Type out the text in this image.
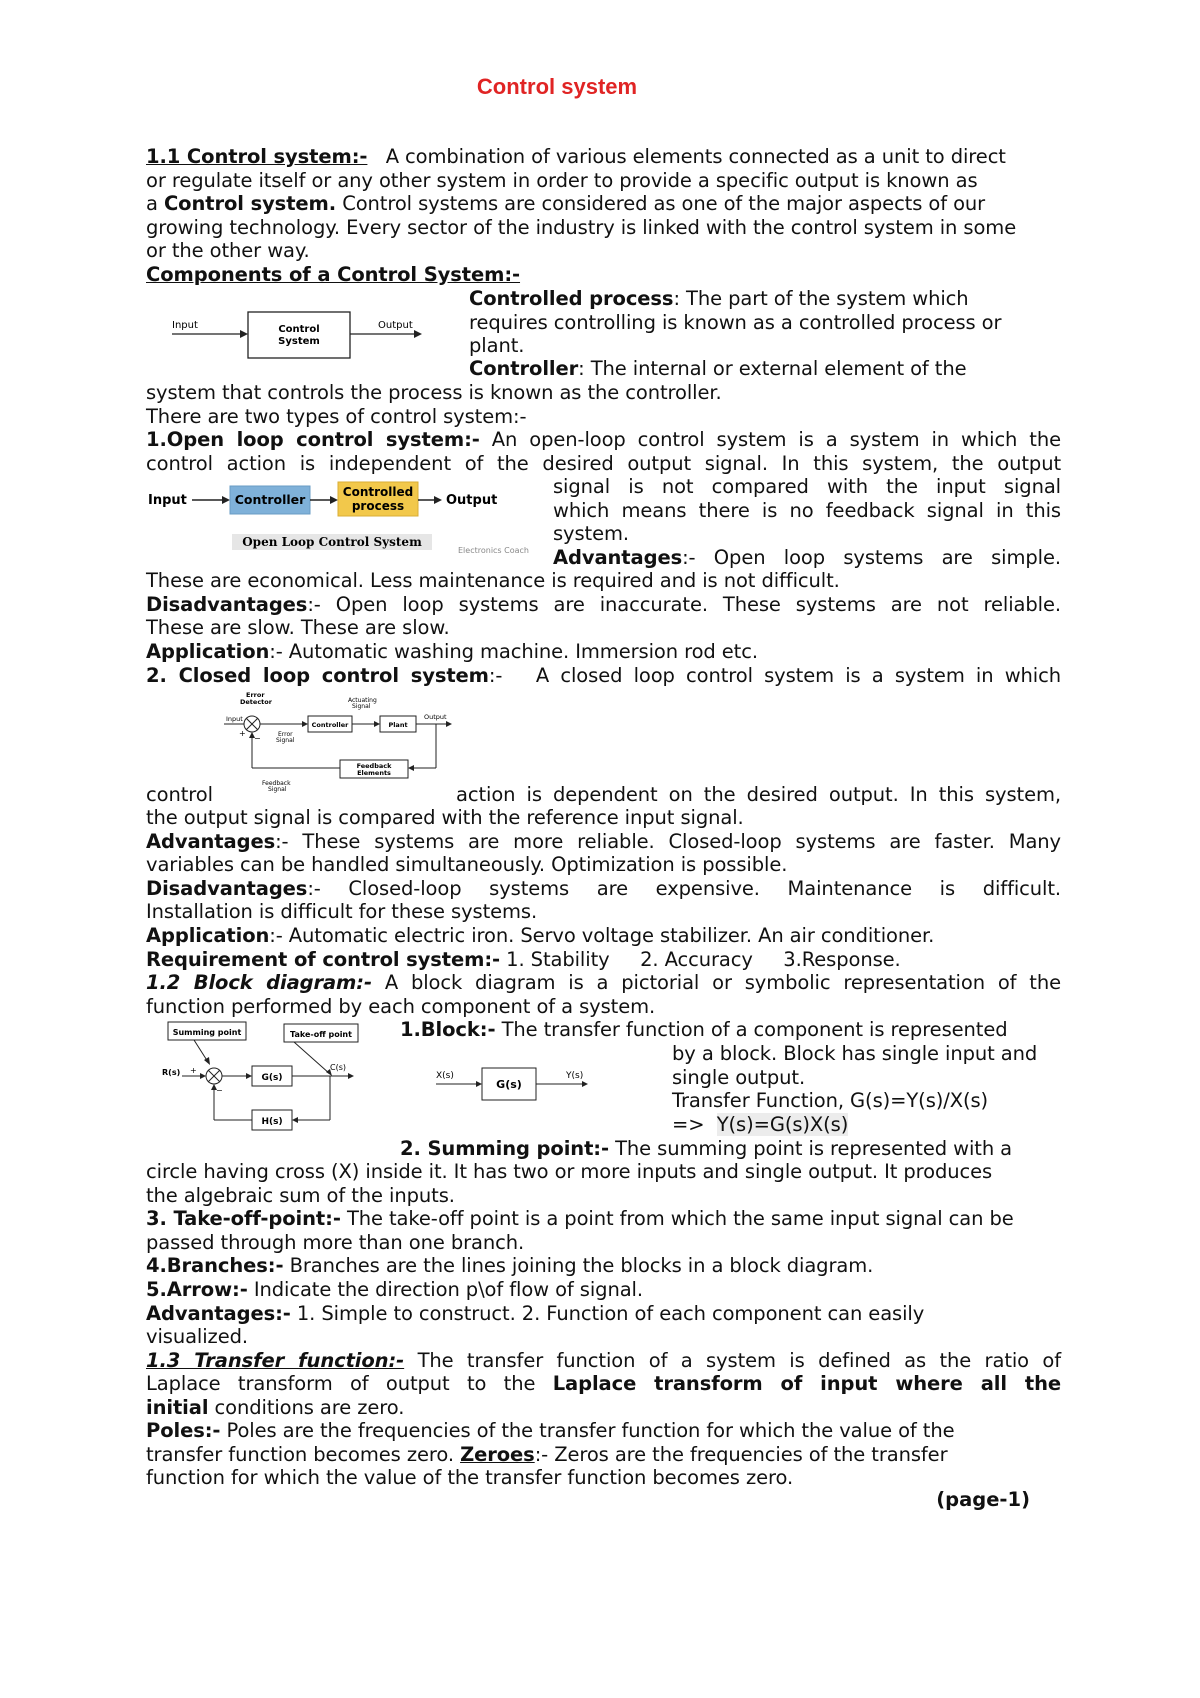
Control system
1.1 Control system:- A combination of various elements connected as a unit to direct
or regulate itself or any other system in order to provide a specific output is known as
a Control system. Control systems are considered as one of the major aspects of our
growing technology. Every sector of the industry is linked with the control system in some
or the other way.
Components of a Control System:-
Input	Output
Control
System
Controlled process: The part of the system which
requires controlling is known as a controlled process or
plant.
Controller: The internal or external element of the
system that controls the process is known as the controller.
There are two types of control system:-
1.Open loop control system:- An open-loop control system is a system in which the
control action is independent of the desired output signal. In this system, the output
signal is not compared with the input signal
which means there is no feedback signal in this
system.
Advantages:- Open loop systems are simple.
These are economical. Less maintenance is required and is not difficult.
Disadvantages:- Open loop systems are inaccurate. These systems are not reliable.
These are slow. These are slow.
Application:- Automatic washing machine. Immersion rod etc.
Input	Controller	Controlled
process	Output
Open Loop Control System
Electronics Coach
2. Closed loop control system:- A closed loop control system is a system in which
Error
Detector
Input
+
−	Error
Signal
Controller
Actuating
Signal
Plant
Output
Feedback
Elements
Feedback
Signal
control	action is dependent on the desired output. In this system,
the output signal is compared with the reference input signal.
Advantages:- These systems are more reliable. Closed-loop systems are faster. Many
variables can be handled simultaneously. Optimization is possible.
Disadvantages:- Closed-loop systems are expensive. Maintenance is difficult.
Installation is difficult for these systems.
Application:- Automatic electric iron. Servo voltage stabilizer. An air conditioner.
Requirement of control system:- 1. Stability 2. Accuracy 3.Response.
1.2 Block diagram:- A block diagram is a pictorial or symbolic representation of the
function performed by each component of a system.
Summing point	Take-off point
R(s) +
−
G(s)
C(s)
H(s)
X(s)
G(s)
Y(s)
1.Block:- The transfer function of a component is represented
by a block. Block has single input and
single output.
Transfer Function, G(s)=Y(s)/X(s)
=> Y(s)=G(s)X(s)
2. Summing point:- The summing point is represented with a
circle having cross (X) inside it. It has two or more inputs and single output. It produces
the algebraic sum of the inputs.
3. Take-off-point:- The take-off point is a point from which the same input signal can be
passed through more than one branch.
4.Branches:- Branches are the lines joining the blocks in a block diagram.
5.Arrow:- Indicate the direction p\of flow of signal.
Advantages:- 1. Simple to construct. 2. Function of each component can easily
visualized.
1.3 Transfer function:- The transfer function of a system is defined as the ratio of
Laplace transform of output to the Laplace transform of input where all the
initial conditions are zero.
Poles:- Poles are the frequencies of the transfer function for which the value of the
transfer function becomes zero. Zeroes:- Zeros are the frequencies of the transfer
function for which the value of the transfer function becomes zero.
(page-1)
